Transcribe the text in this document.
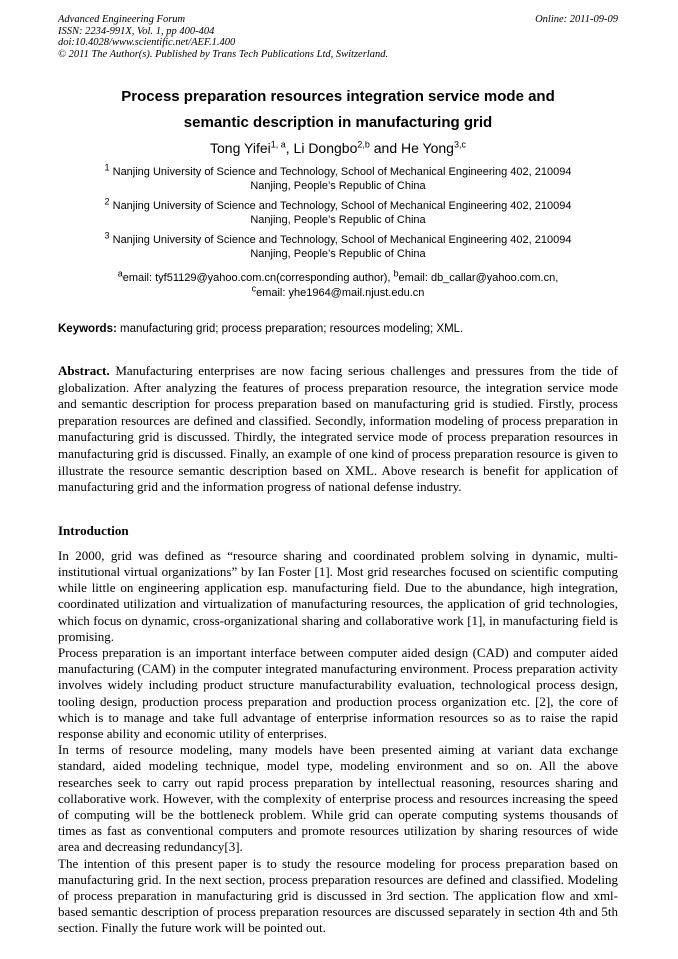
Advanced Engineering Forum
ISSN: 2234-991X, Vol. 1, pp 400-404
doi:10.4028/www.scientific.net/AEF.1.400
© 2011 The Author(s). Published by Trans Tech Publications Ltd, Switzerland.
Online: 2011-09-09
Process preparation resources integration service mode and
semantic description in manufacturing grid
Tong Yifei$^{1, a}$, Li Dongbo$^{2,b}$ and He Yong$^{3,c}$
$^1$ Nanjing University of Science and Technology, School of Mechanical Engineering 402, 210094
Nanjing, People’s Republic of China
$^2$ Nanjing University of Science and Technology, School of Mechanical Engineering 402, 210094
Nanjing, People’s Republic of China
$^3$ Nanjing University of Science and Technology, School of Mechanical Engineering 402, 210094
Nanjing, People’s Republic of China
$^a$email: tyf51129@yahoo.com.cn(corresponding author), $^b$email: db_callar@yahoo.com.cn,
$^c$email: yhe1964@mail.njust.edu.cn
Keywords: manufacturing grid; process preparation; resources modeling; XML.
Abstract. Manufacturing enterprises are now facing serious challenges and pressures from the tide of globalization. After analyzing the features of process preparation resource, the integration service mode and semantic description for process preparation based on manufacturing grid is studied. Firstly, process preparation resources are defined and classified. Secondly, information modeling of process preparation in manufacturing grid is discussed. Thirdly, the integrated service mode of process preparation resources in manufacturing grid is discussed. Finally, an example of one kind of process preparation resource is given to illustrate the resource semantic description based on XML. Above research is benefit for application of manufacturing grid and the information progress of national defense industry.
Introduction

In 2000, grid was defined as “resource sharing and coordinated problem solving in dynamic, multi-institutional virtual organizations” by Ian Foster [1]. Most grid researches focused on scientific computing while little on engineering application esp. manufacturing field. Due to the abundance, high integration, coordinated utilization and virtualization of manufacturing resources, the application of grid technologies, which focus on dynamic, cross-organizational sharing and collaborative work [1], in manufacturing field is promising.

Process preparation is an important interface between computer aided design (CAD) and computer aided manufacturing (CAM) in the computer integrated manufacturing environment. Process preparation activity involves widely including product structure manufacturability evaluation, technological process design, tooling design, production process preparation and production process organization etc. [2], the core of which is to manage and take full advantage of enterprise information resources so as to raise the rapid response ability and economic utility of enterprises.

In terms of resource modeling, many models have been presented aiming at variant data exchange standard, aided modeling technique, model type, modeling environment and so on. All the above researches seek to carry out rapid process preparation by intellectual reasoning, resources sharing and collaborative work. However, with the complexity of enterprise process and resources increasing the speed of computing will be the bottleneck problem. While grid can operate computing systems thousands of times as fast as conventional computers and promote resources utilization by sharing resources of wide area and decreasing redundancy[3].

The intention of this present paper is to study the resource modeling for process preparation based on manufacturing grid. In the next section, process preparation resources are defined and classified. Modeling of process preparation in manufacturing grid is discussed in 3rd section. The application flow and xml-based semantic description of process preparation resources are discussed separately in section 4th and 5th section. Finally the future work will be pointed out.
